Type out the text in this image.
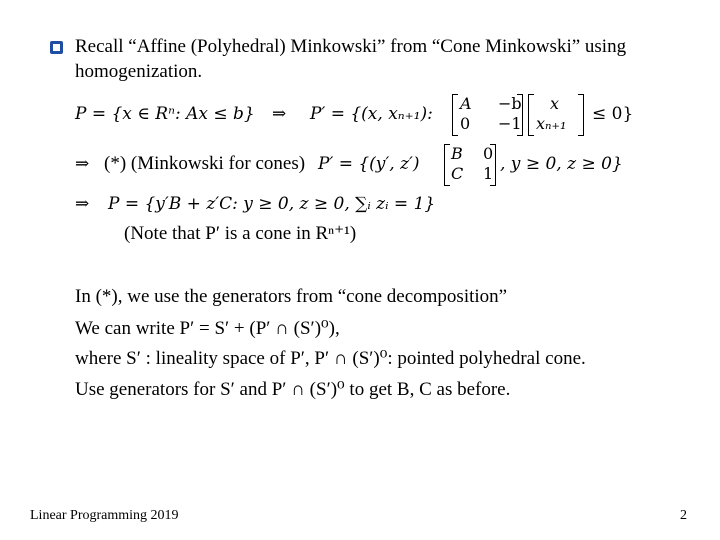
Recall “Affine (Polyhedral) Minkowski” from “Cone Minkowski” using
homogenization.
P = {x ∈ Rⁿ: Ax ≤ b} ⇒ P′ = {(x, xₙ₊₁):
A −b
0 −1
x
xₙ₊₁ ≤ 0}
⇒ (*) (Minkowski for cones) P′ = {(y′, z′)
B 0
C 1 , y ≥ 0, z ≥ 0}
⇒ P = {y′B + z′C: y ≥ 0, z ≥ 0, ∑ᵢ zᵢ = 1}
(Note that P′ is a cone in Rⁿ⁺¹)
In (*), we use the generators from “cone decomposition”
We can write P′ = S′ + (P′ ∩ (S′)⁰),
where S′ : lineality space of P′, P′ ∩ (S′)⁰: pointed polyhedral cone.
Use generators for S′ and P′ ∩ (S′)⁰ to get B, C as before.
Linear Programming 2019	2
